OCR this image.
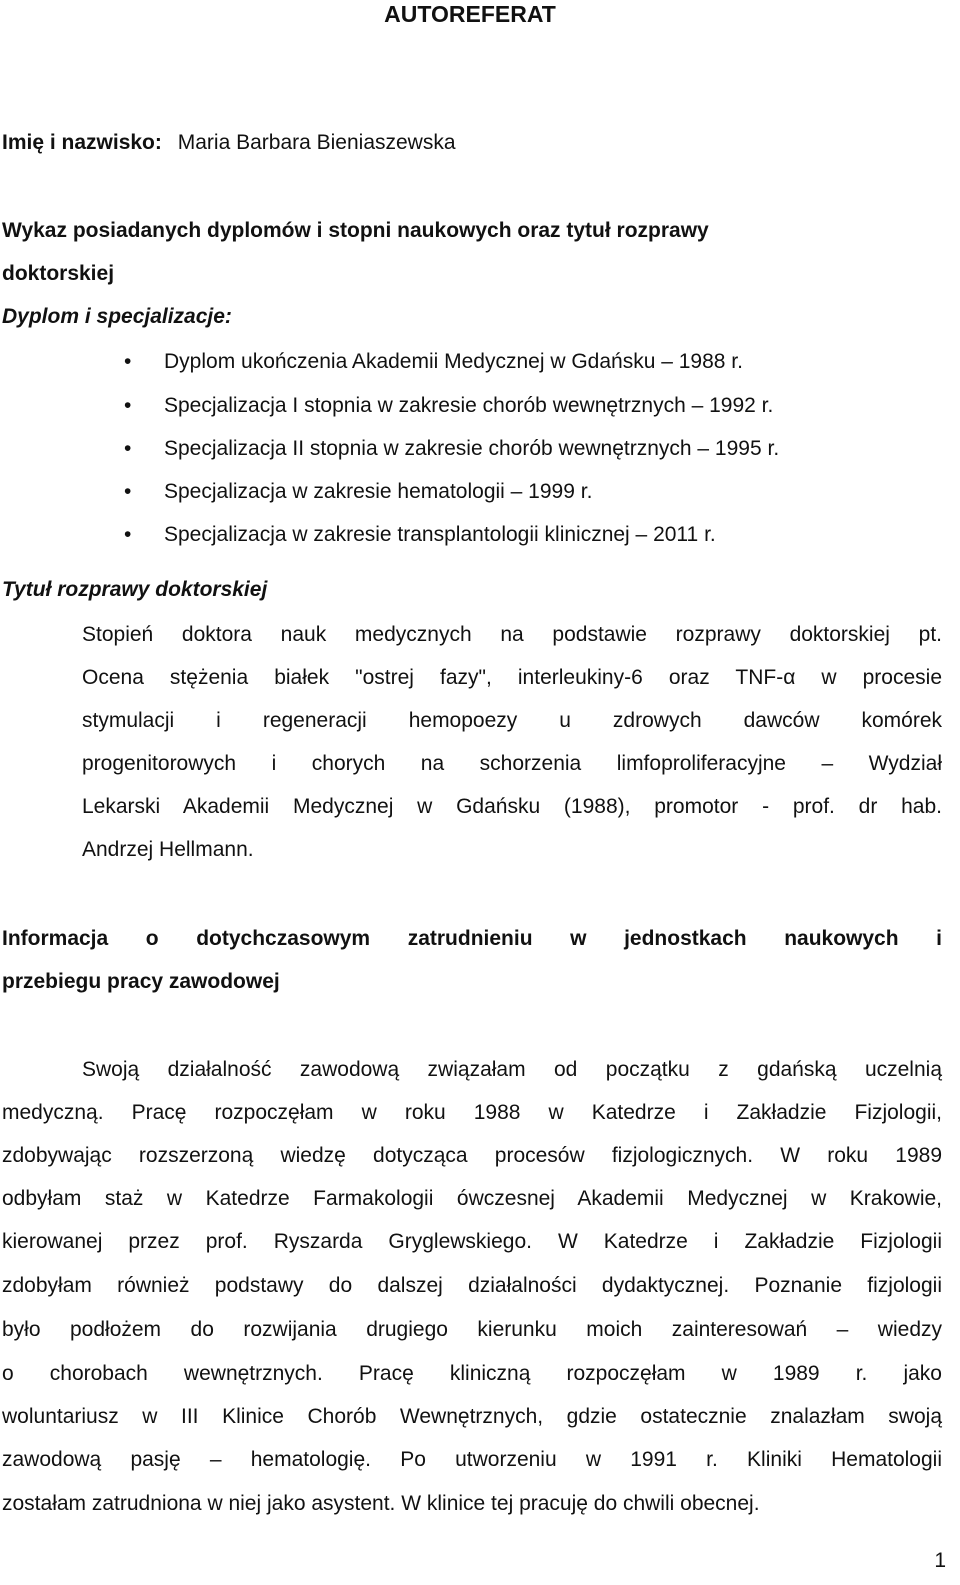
AUTOREFERAT
Imię i nazwisko: Maria Barbara Bieniaszewska
Wykaz posiadanych dyplomów i stopni naukowych oraz tytuł rozprawy
doktorskiej
Dyplom i specjalizacje:
• Dyplom ukończenia Akademii Medycznej w Gdańsku – 1988 r.
• Specjalizacja I stopnia w zakresie chorób wewnętrznych – 1992 r.
• Specjalizacja II stopnia w zakresie chorób wewnętrznych – 1995 r.
• Specjalizacja w zakresie hematologii – 1999 r.
• Specjalizacja w zakresie transplantologii klinicznej – 2011 r.
Tytuł rozprawy doktorskiej
Stopień doktora nauk medycznych na podstawie rozprawy doktorskiej pt.
Ocena stężenia białek "ostrej fazy", interleukiny-6 oraz TNF-α w procesie
stymulacji i regeneracji hemopoezy u zdrowych dawców komórek
progenitorowych i chorych na schorzenia limfoproliferacyjne – Wydział
Lekarski Akademii Medycznej w Gdańsku (1988), promotor - prof. dr hab.
Andrzej Hellmann.
Informacja o dotychczasowym zatrudnieniu w jednostkach naukowych i
przebiegu pracy zawodowej
Swoją działalność zawodową związałam od początku z gdańską uczelnią
medyczną. Pracę rozpoczęłam w roku 1988 w Katedrze i Zakładzie Fizjologii,
zdobywając rozszerzoną wiedzę dotycząca procesów fizjologicznych. W roku 1989
odbyłam staż w Katedrze Farmakologii ówczesnej Akademii Medycznej w Krakowie,
kierowanej przez prof. Ryszarda Gryglewskiego. W Katedrze i Zakładzie Fizjologii
zdobyłam również podstawy do dalszej działalności dydaktycznej. Poznanie fizjologii
było podłożem do rozwijania drugiego kierunku moich zainteresowań – wiedzy
o chorobach wewnętrznych. Pracę kliniczną rozpoczęłam w 1989 r. jako
woluntariusz w III Klinice Chorób Wewnętrznych, gdzie ostatecznie znalazłam swoją
zawodową pasję – hematologię. Po utworzeniu w 1991 r. Kliniki Hematologii
zostałam zatrudniona w niej jako asystent. W klinice tej pracuję do chwili obecnej.
1
